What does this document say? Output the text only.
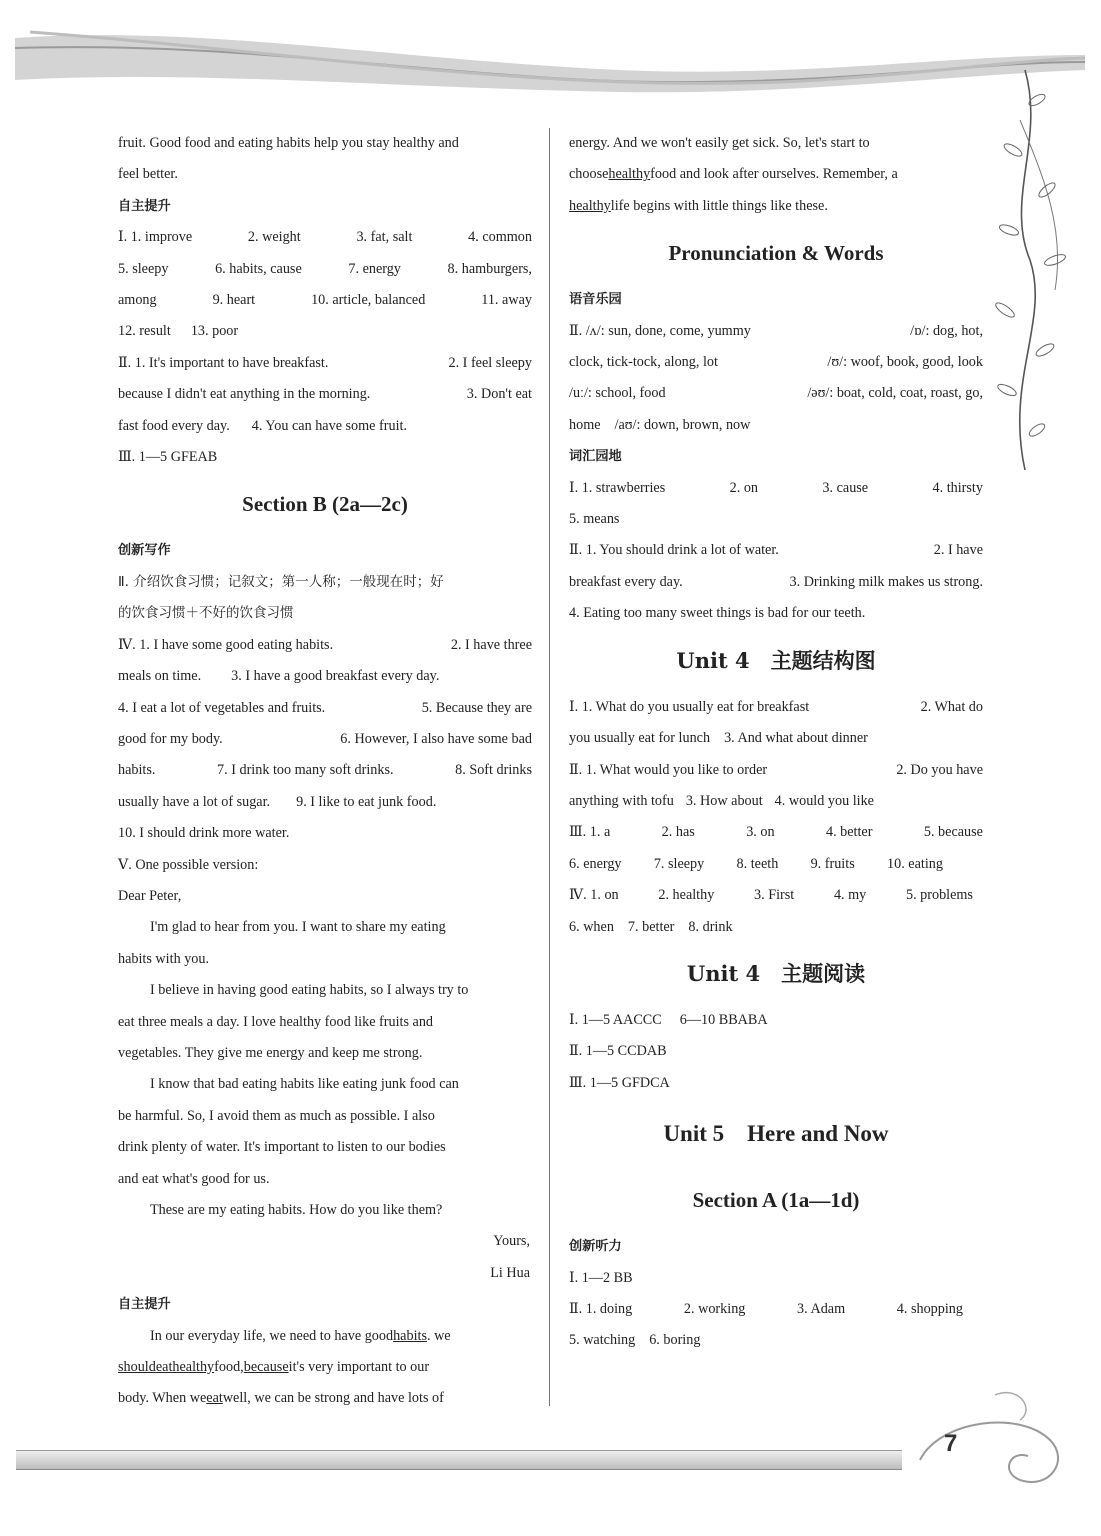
fruit. Good food and eating habits help you stay healthy and

feel better.

自主提升

Ⅰ. 1. improve	2. weight	3. fat, salt	4. common

5. sleepy	6. habits, cause	7. energy	8. hamburgers,

among	9. heart	10. article, balanced	11. away

12. result 13. poor

Ⅱ. 1. It's important to have breakfast.	2. I feel sleepy

because I didn't eat anything in the morning.	3. Don't eat

fast food every day. 4. You can have some fruit.

Ⅲ. 1—5 GFEAB

Section B (2a—2c)

创新写作

Ⅱ. 介绍饮食习惯；记叙文；第一人称；一般现在时；好

的饮食习惯＋不好的饮食习惯

Ⅳ. 1. I have some good eating habits.	2. I have three

meals on time. 3. I have a good breakfast every day.

4. I eat a lot of vegetables and fruits.	5. Because they are

good for my body.	6. However, I also have some bad

habits.	7. I drink too many soft drinks.	8. Soft drinks

usually have a lot of sugar. 9. I like to eat junk food.

10. I should drink more water.

Ⅴ. One possible version:

Dear Peter,

I'm glad to hear from you. I want to share my eating

habits with you.

I believe in having good eating habits, so I always try to

eat three meals a day. I love healthy food like fruits and

vegetables. They give me energy and keep me strong.

I know that bad eating habits like eating junk food can

be harmful. So, I avoid them as much as possible. I also

drink plenty of water. It's important to listen to our bodies

and eat what's good for us.

These are my eating habits. How do you like them?

Yours,

Li Hua

自主提升

In our everyday life, we need to have goodhabits. we

shouldeathealthyfood,becauseit's very important to our

body. When weeatwell, we can be strong and have lots of

energy. And we won't easily get sick. So, let's start to

choosehealthyfood and look after ourselves. Remember, a

healthylife begins with little things like these.

Pronunciation & Words

语音乐园

Ⅱ. /ʌ/: sun, done, come, yummy	/ɒ/: dog, hot,

clock, tick-tock, along, lot	/ʊ/: woof, book, good, look

/uː/: school, food	/əʊ/: boat, cold, coat, roast, go,

home /aʊ/: down, brown, now

词汇园地

Ⅰ. 1. strawberries	2. on	3. cause	4. thirsty

5. means

Ⅱ. 1. You should drink a lot of water.	2. I have

breakfast every day.	3. Drinking milk makes us strong.

4. Eating too many sweet things is bad for our teeth.

Unit 4　主题结构图

Ⅰ. 1. What do you usually eat for breakfast	2. What do

you usually eat for lunch 3. And what about dinner

Ⅱ. 1. What would you like to order	2. Do you have

anything with tofu 3. How about 4. would you like

Ⅲ. 1. a	2. has	3. on	4. better	5. because

6. energy 7. sleepy 8. teeth 9. fruits 10. eating

Ⅳ. 1. on	2. healthy	3. First	4. my	5. problems

6. when 7. better 8. drink

Unit 4　主题阅读

Ⅰ. 1—5 AACCC 6—10 BBABA

Ⅱ. 1—5 CCDAB

Ⅲ. 1—5 GFDCA

Unit 5　Here and Now

Section A (1a—1d)

创新听力

Ⅰ. 1—2 BB

Ⅱ. 1. doing	2. working	3. Adam	4. shopping

5. watching 6. boring

7
